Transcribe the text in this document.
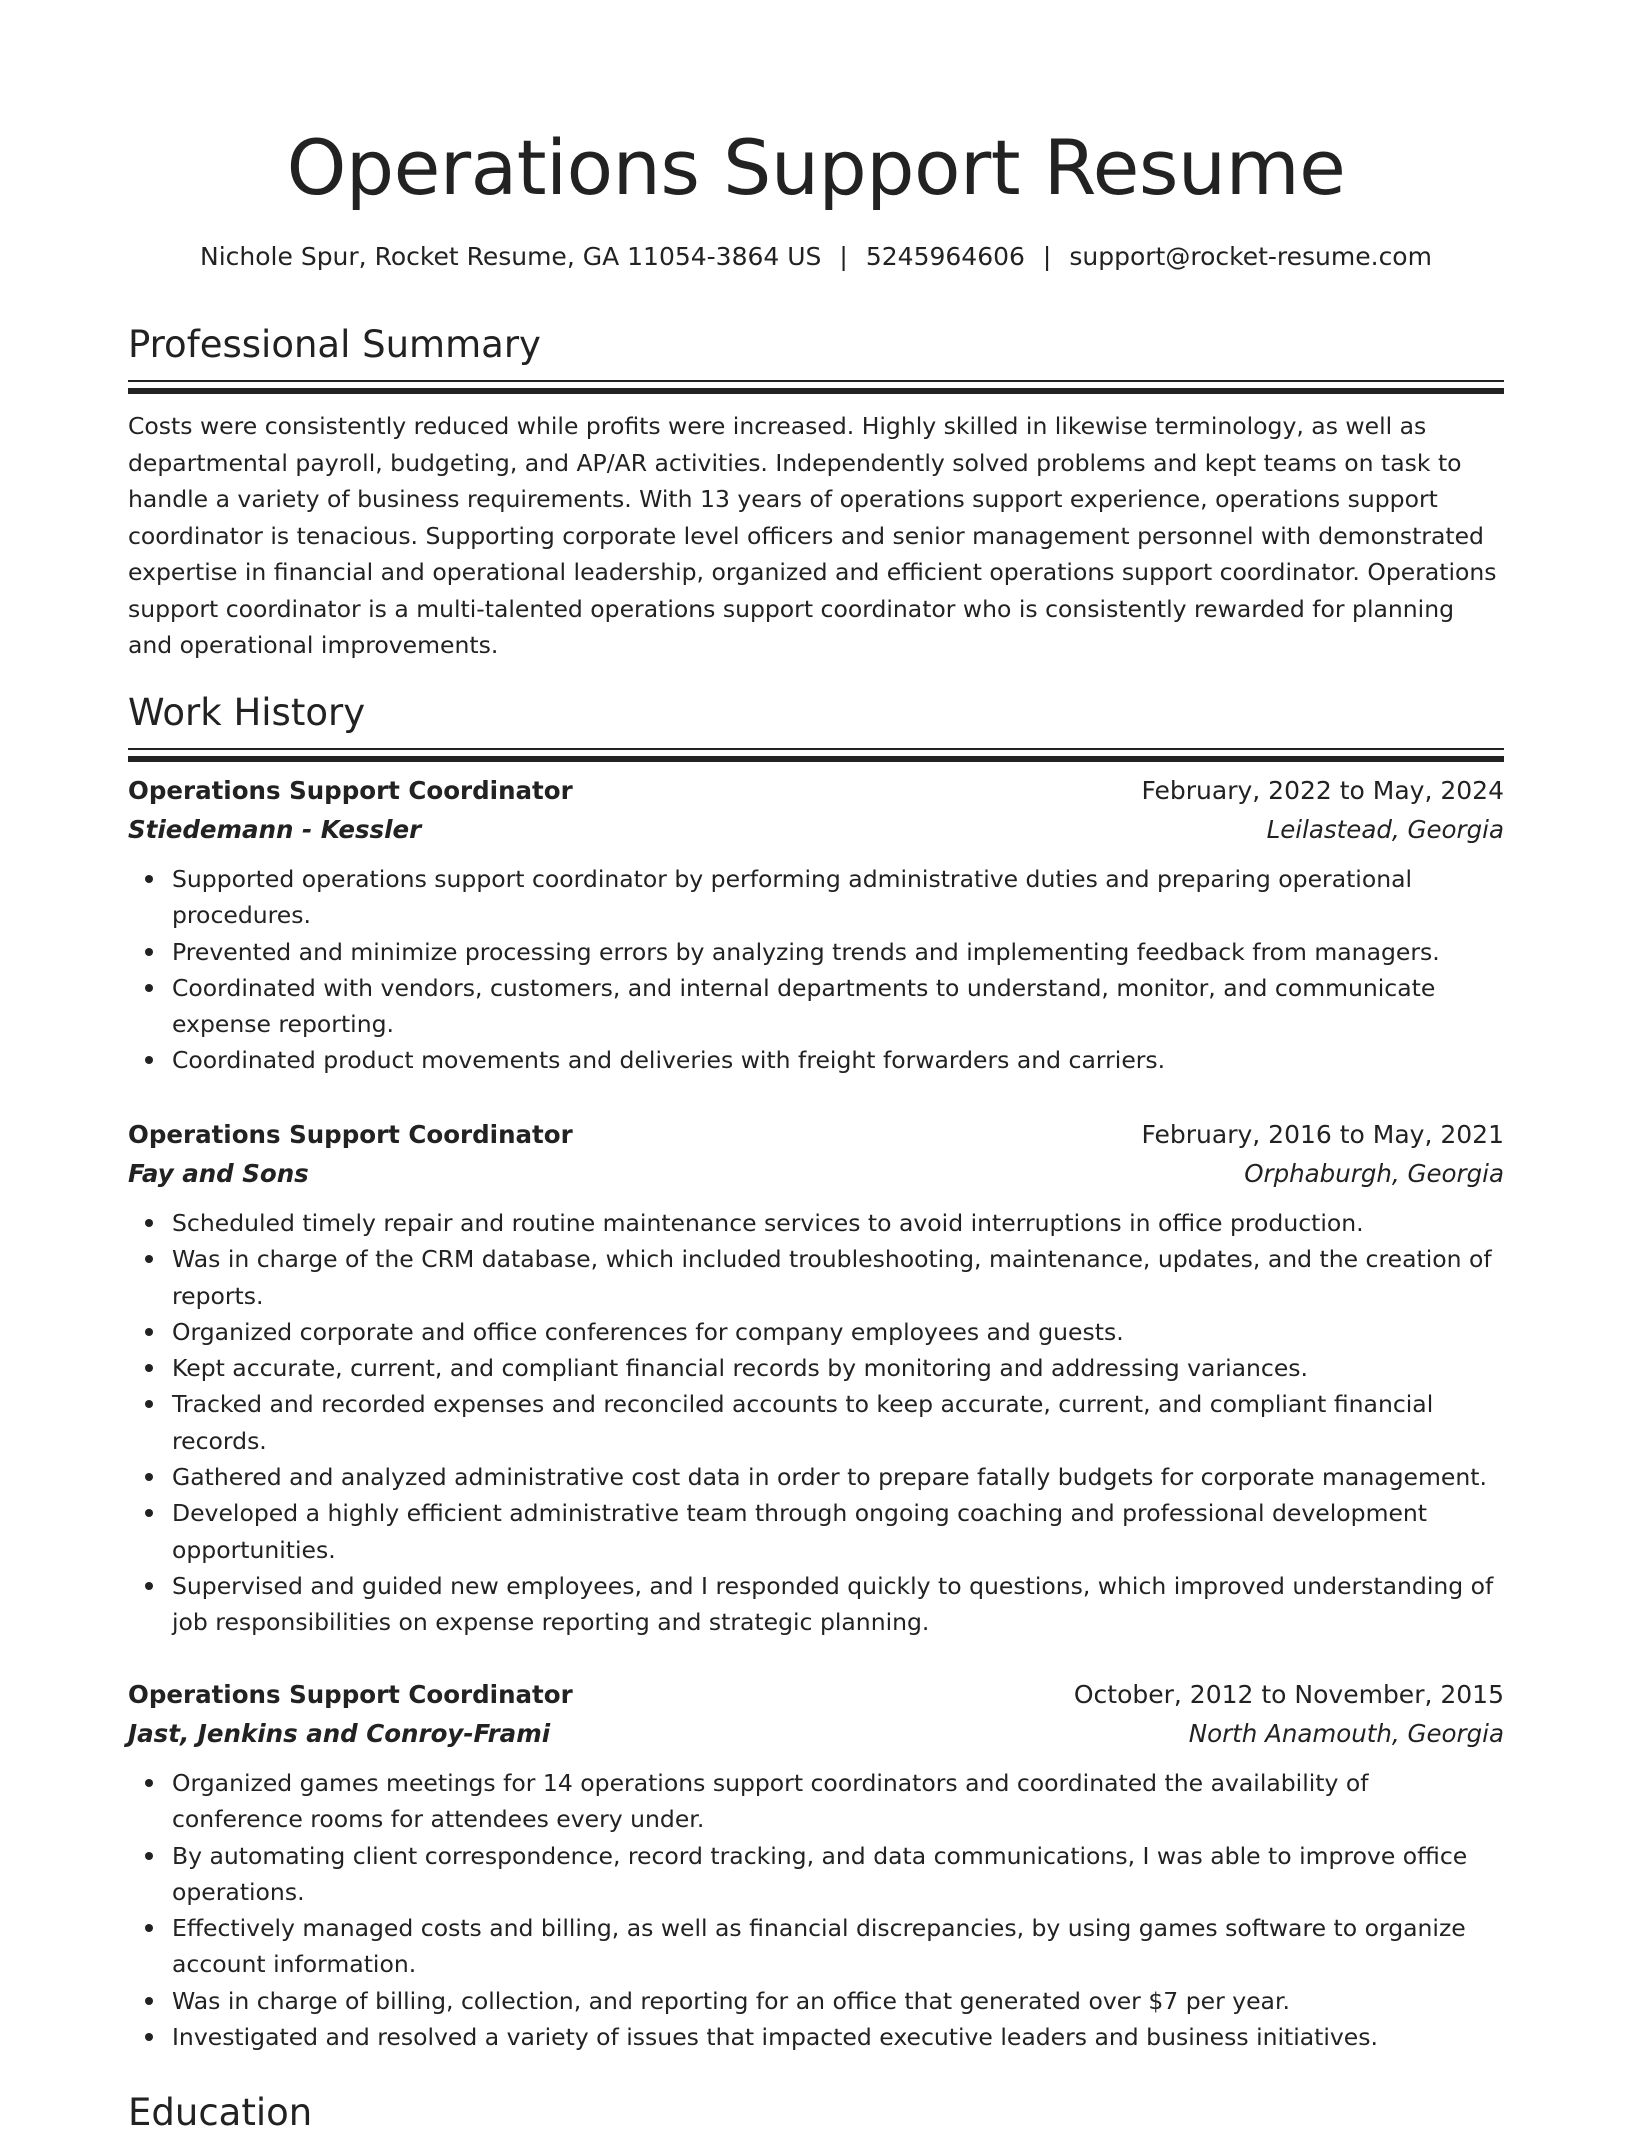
Operations Support Resume
Nichole Spur, Rocket Resume, GA 11054-3864 US | 5245964606 | support@rocket-resume.com
Professional Summary

Costs were consistently reduced while profits were increased. Highly skilled in likewise terminology, as well as departmental payroll, budgeting, and AP/AR activities. Independently solved problems and kept teams on task to handle a variety of business requirements. With 13 years of operations support experience, operations support coordinator is tenacious. Supporting corporate level officers and senior management personnel with demonstrated expertise in financial and operational leadership, organized and efficient operations support coordinator. Operations support coordinator is a multi-talented operations support coordinator who is consistently rewarded for planning and operational improvements.

Work History
Operations Support Coordinator	February, 2022 to May, 2024
Stiedemann - Kessler	Leilastead, Georgia
Supported operations support coordinator by performing administrative duties and preparing operational procedures.
Prevented and minimize processing errors by analyzing trends and implementing feedback from managers.
Coordinated with vendors, customers, and internal departments to understand, monitor, and communicate expense reporting.
Coordinated product movements and deliveries with freight forwarders and carriers.
Operations Support Coordinator	February, 2016 to May, 2021
Fay and Sons	Orphaburgh, Georgia
Scheduled timely repair and routine maintenance services to avoid interruptions in office production.
Was in charge of the CRM database, which included troubleshooting, maintenance, updates, and the creation of reports.
Organized corporate and office conferences for company employees and guests.
Kept accurate, current, and compliant financial records by monitoring and addressing variances.
Tracked and recorded expenses and reconciled accounts to keep accurate, current, and compliant financial records.
Gathered and analyzed administrative cost data in order to prepare fatally budgets for corporate management.
Developed a highly efficient administrative team through ongoing coaching and professional development opportunities.
Supervised and guided new employees, and I responded quickly to questions, which improved understanding of job responsibilities on expense reporting and strategic planning.
Operations Support Coordinator	October, 2012 to November, 2015
Jast, Jenkins and Conroy-Frami	North Anamouth, Georgia
Organized games meetings for 14 operations support coordinators and coordinated the availability of conference rooms for attendees every under.
By automating client correspondence, record tracking, and data communications, I was able to improve office operations.
Effectively managed costs and billing, as well as financial discrepancies, by using games software to organize account information.
Was in charge of billing, collection, and reporting for an office that generated over $7 per year.
Investigated and resolved a variety of issues that impacted executive leaders and business initiatives.
Education
